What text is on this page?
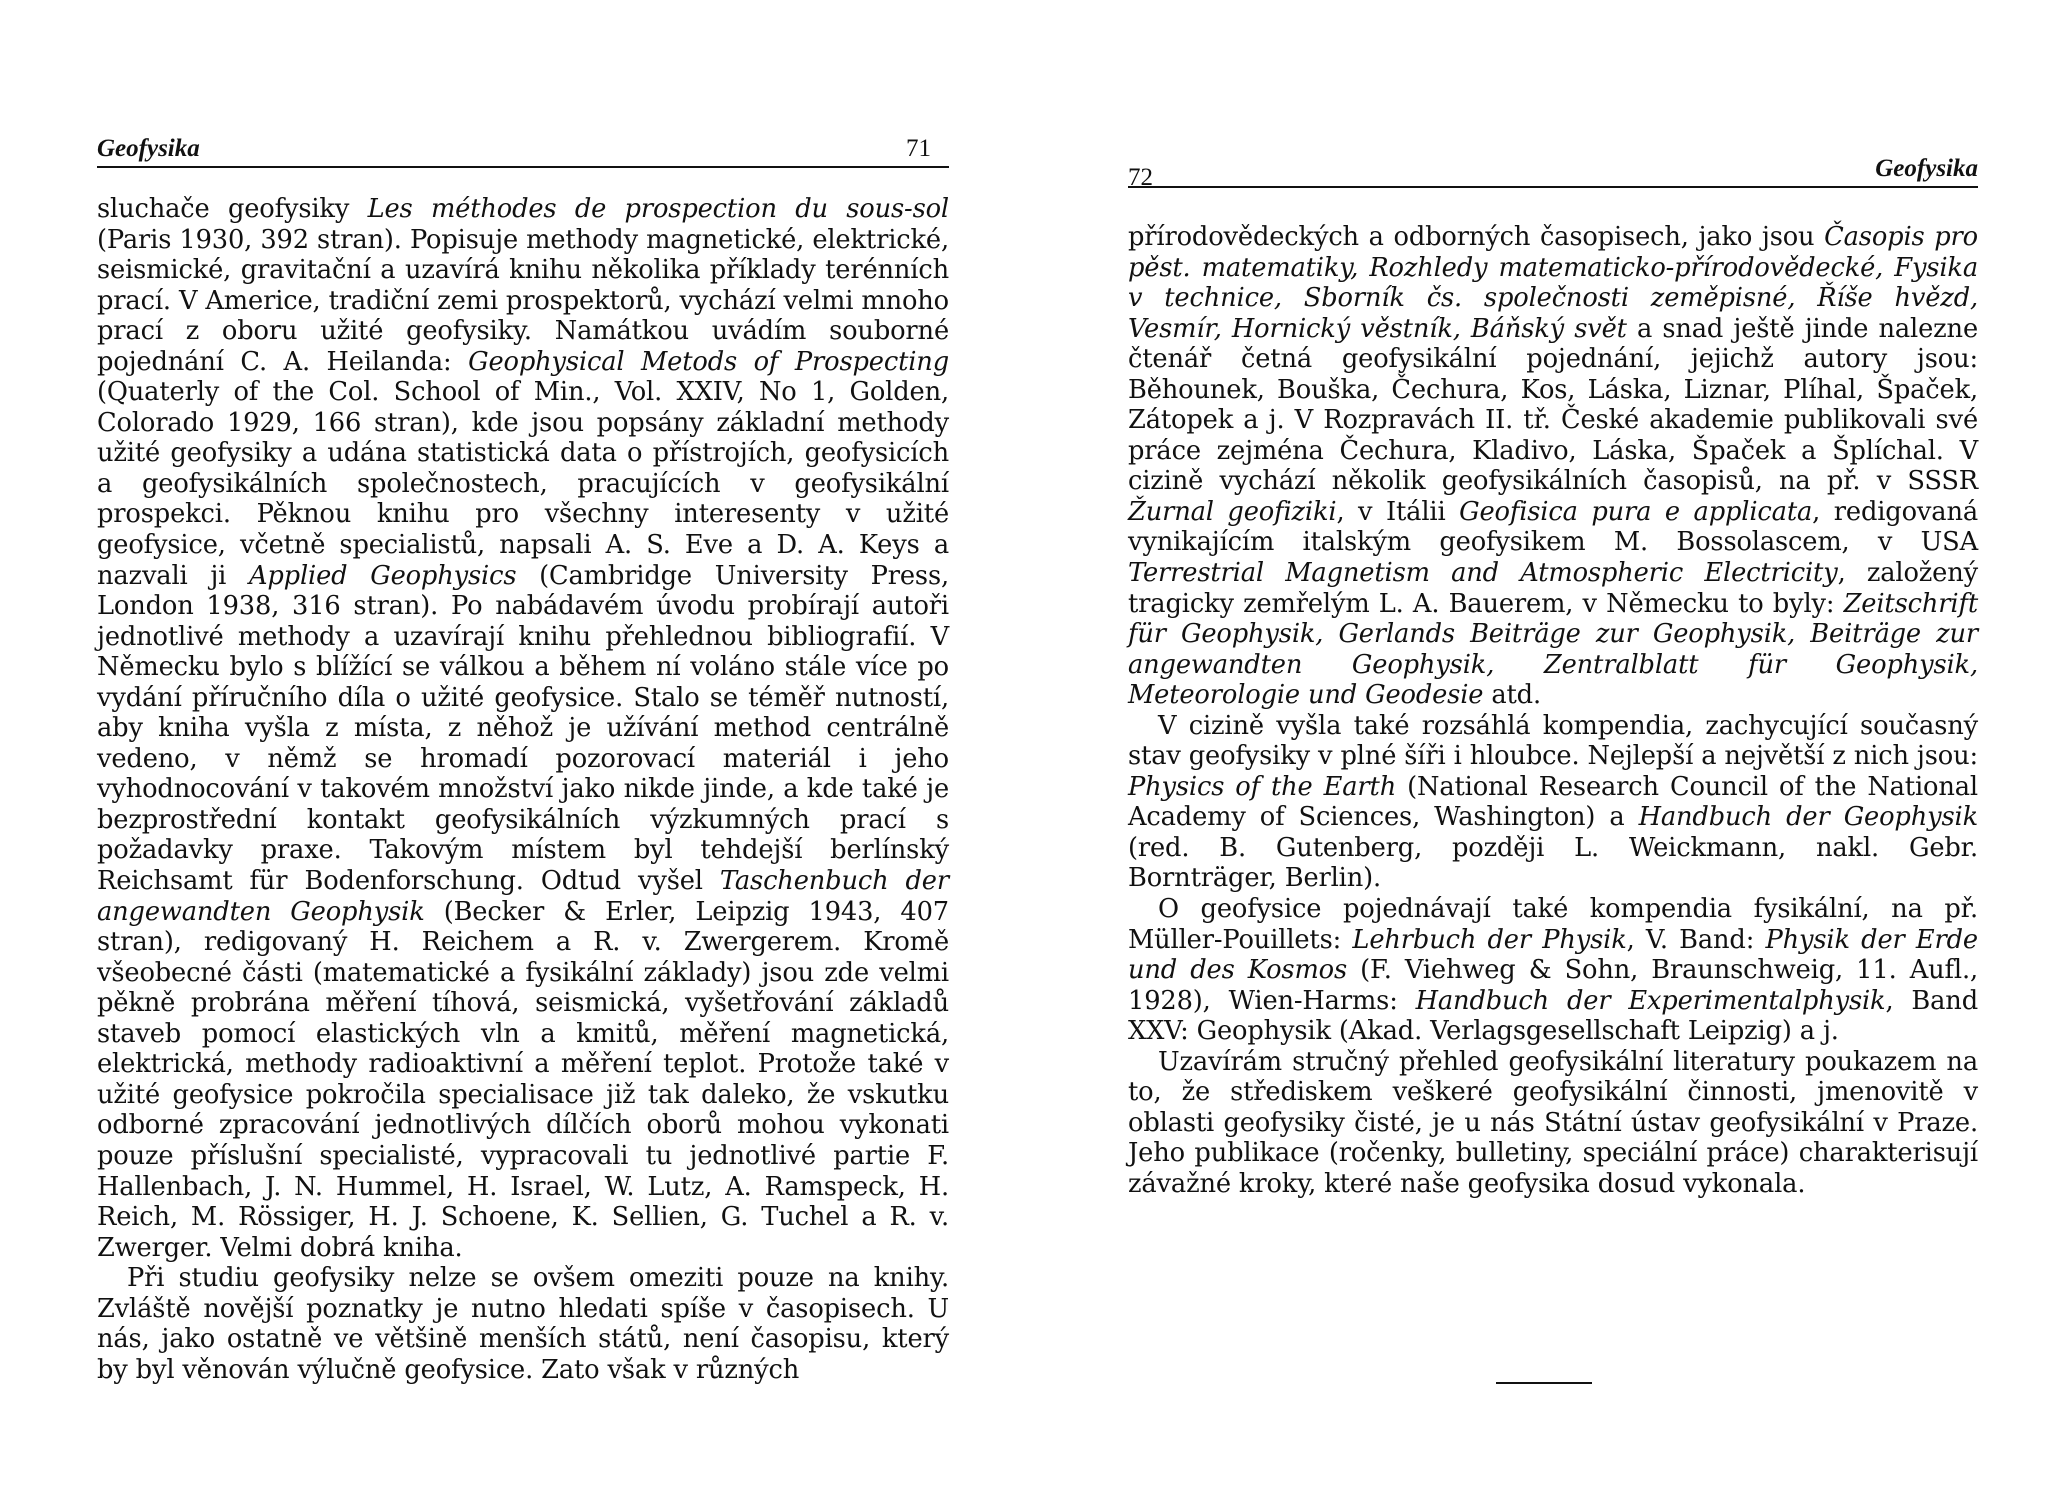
Geofysika	71

sluchače geofysiky Les méthodes de prospection du sous-sol (Paris 1930, 392 stran). Popisuje methody magnetické, elektrické, seismické, gravitační a uzavírá knihu několika příklady terénních prací. V Americe, tradiční zemi prospektorů, vychází velmi mnoho prací z oboru užité geofysiky. Namátkou uvádím souborné pojednání C. A. Heilanda: Geophysical Metods of Prospecting (Quaterly of the Col. School of Min., Vol. XXIV, No 1, Golden, Colorado 1929, 166 stran), kde jsou popsány základní methody užité geofysiky a udána statistická data o přístrojích, geofysicích a geofysikálních společnostech, pracujících v geofysikální prospekci. Pěknou knihu pro všechny interesenty v užité geofysice, včetně specialistů, napsali A. S. Eve a D. A. Keys a nazvali ji Applied Geophysics (Cambridge University Press, London 1938, 316 stran). Po nabádavém úvodu probírají autoři jednotlivé methody a uzavírají knihu přehlednou bibliografií. V Německu bylo s blížící se válkou a během ní voláno stále více po vydání příručního díla o užité geofysice. Stalo se téměř nutností, aby kniha vyšla z místa, z něhož je užívání method centrálně vedeno, v němž se hromadí pozorovací materiál i jeho vyhodnocování v takovém množství jako nikde jinde, a kde také je bezprostřední kontakt geofysikálních výzkumných prací s požadavky praxe. Takovým místem byl tehdejší berlínský Reichsamt für Bodenforschung. Odtud vyšel Taschenbuch der angewandten Geophysik (Becker & Erler, Leipzig 1943, 407 stran), redigovaný H. Reichem a R. v. Zwergerem. Kromě všeobecné části (matematické a fysikální základy) jsou zde velmi pěkně probrána měření tíhová, seismická, vyšetřování základů staveb pomocí elastických vln a kmitů, měření magnetická, elektrická, methody radioaktivní a měření teplot. Protože také v užité geofysice pokročila specialisace již tak daleko, že vskutku odborné zpracování jednotlivých dílčích oborů mohou vykonati pouze příslušní specialisté, vypracovali tu jednotlivé partie F. Hallenbach, J. N. Hummel, H. Israel, W. Lutz, A. Ramspeck, H. Reich, M. Rössiger, H. J. Schoene, K. Sellien, G. Tuchel a R. v. Zwerger. Velmi dobrá kniha.

Při studiu geofysiky nelze se ovšem omeziti pouze na knihy. Zvláště novější poznatky je nutno hledati spíše v časopisech. U nás, jako ostatně ve většině menších států, není časopisu, který by byl věnován výlučně geofysice. Zato však v různých

72	Geofysika

přírodovědeckých a odborných časopisech, jako jsou Časopis pro pěst. matematiky, Rozhledy matematicko-přírodovědecké, Fysika v technice, Sborník čs. společnosti zeměpisné, Říše hvězd, Vesmír, Hornický věstník, Báňský svět a snad ještě jinde nalezne čtenář četná geofysikální pojednání, jejichž autory jsou: Běhounek, Bouška, Čechura, Kos, Láska, Liznar, Plíhal, Špaček, Zátopek a j. V Rozpravách II. tř. České akademie publikovali své práce zejména Čechura, Kladivo, Láska, Špaček a Šplíchal. V cizině vychází několik geofysikálních časopisů, na př. v SSSR Žurnal geofiziki, v Itálii Geofisica pura e applicata, redigovaná vynikajícím italským geofysikem M. Bossolascem, v USA Terrestrial Magnetism and Atmospheric Electricity, založený tragicky zemřelým L. A. Bauerem, v Německu to byly: Zeitschrift für Geophysik, Gerlands Beiträge zur Geophysik, Beiträge zur angewandten Geophysik, Zentralblatt für Geophysik, Meteorologie und Geodesie atd.

V cizině vyšla také rozsáhlá kompendia, zachycující současný stav geofysiky v plné šíři i hloubce. Nejlepší a největší z nich jsou: Physics of the Earth (National Research Council of the National Academy of Sciences, Washington) a Handbuch der Geophysik (red. B. Gutenberg, později L. Weickmann, nakl. Gebr. Bornträger, Berlin).

O geofysice pojednávají také kompendia fysikální, na př. Müller-Pouillets: Lehrbuch der Physik, V. Band: Physik der Erde und des Kosmos (F. Viehweg & Sohn, Braunschweig, 11. Aufl., 1928), Wien-Harms: Handbuch der Experimentalphysik, Band XXV: Geophysik (Akad. Verlagsgesellschaft Leipzig) a j.

Uzavírám stručný přehled geofysikální literatury poukazem na to, že střediskem veškeré geofysikální činnosti, jmenovitě v oblasti geofysiky čisté, je u nás Státní ústav geofysikální v Praze. Jeho publikace (ročenky, bulletiny, speciální práce) charakterisují závažné kroky, které naše geofysika dosud vykonala.
